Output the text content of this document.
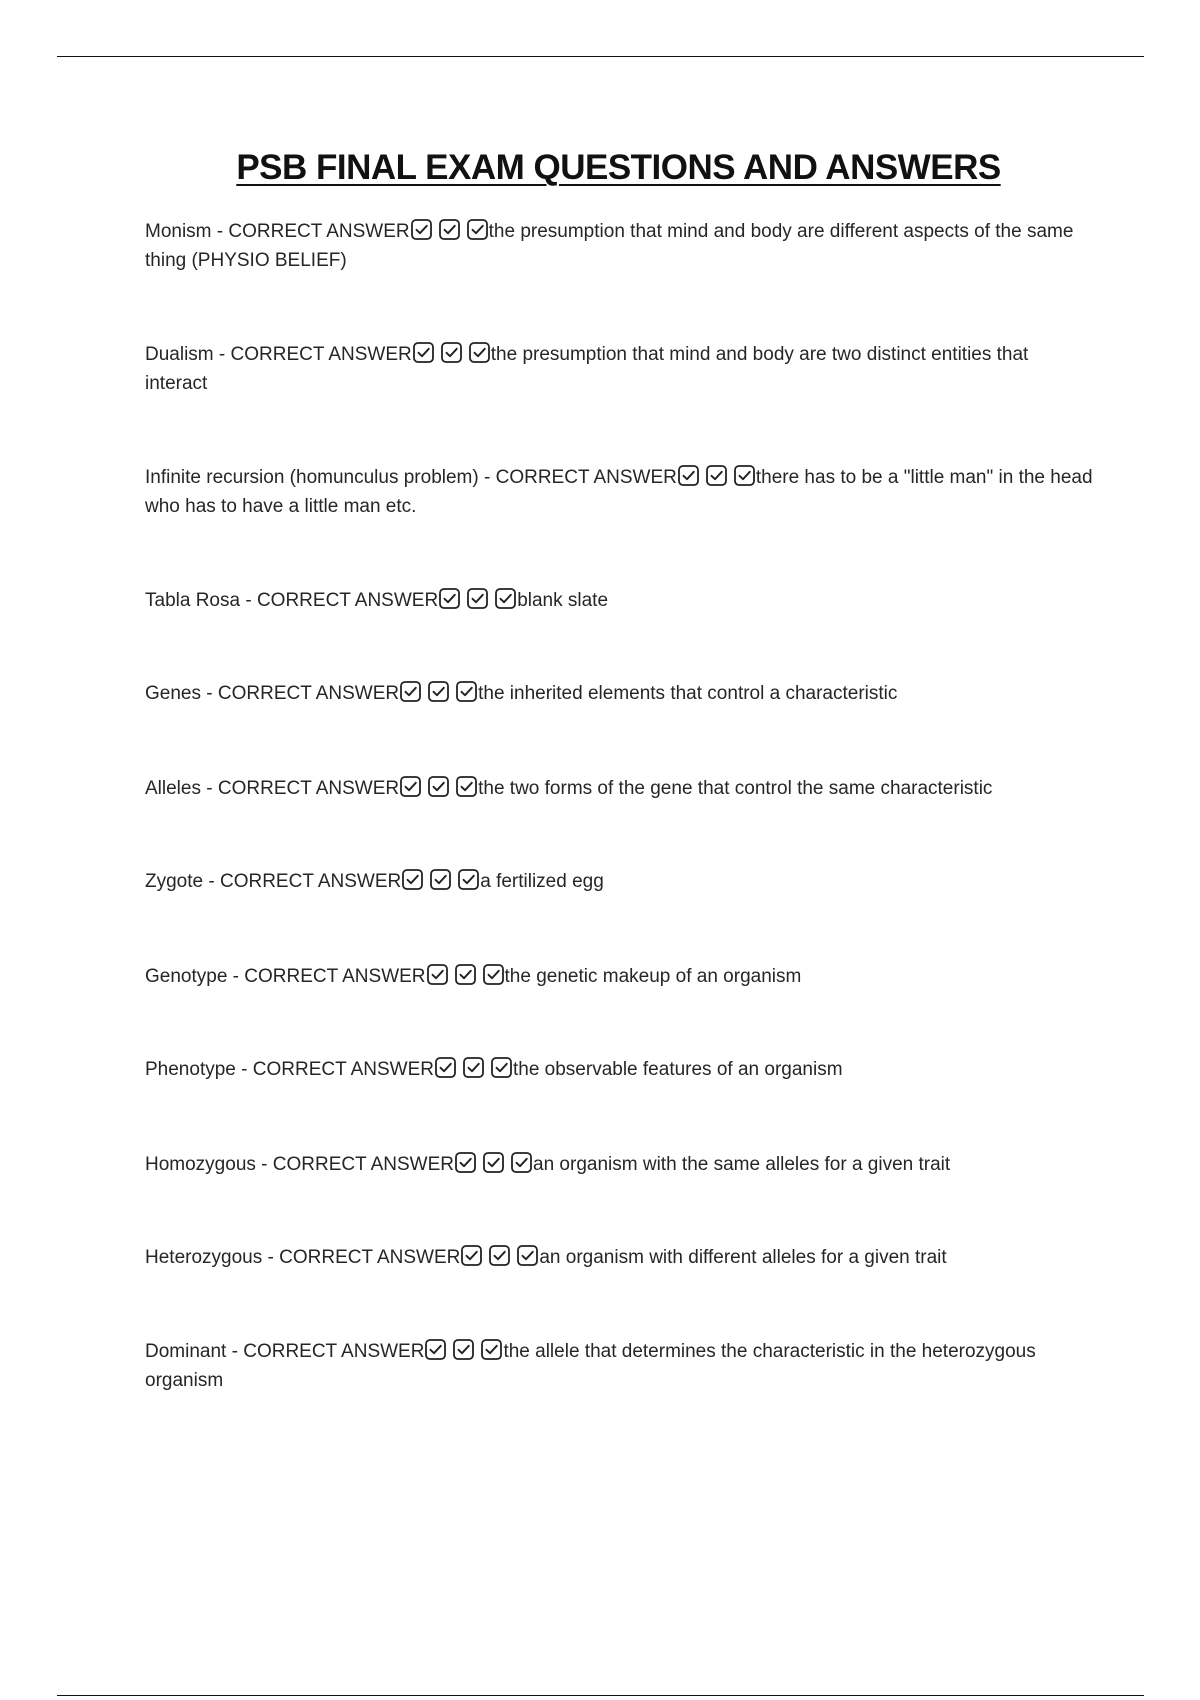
PSB FINAL EXAM QUESTIONS AND ANSWERS
Monism - CORRECT ANSWER	the presumption that mind and body are different aspects of the same thing (PHYSIO BELIEF)
Dualism - CORRECT ANSWER	the presumption that mind and body are two distinct entities that interact
Infinite recursion (homunculus problem) - CORRECT ANSWER	there has to be a "little man" in the head who has to have a little man etc.
Tabla Rosa - CORRECT ANSWER	blank slate
Genes - CORRECT ANSWER	the inherited elements that control a characteristic
Alleles - CORRECT ANSWER	the two forms of the gene that control the same characteristic
Zygote - CORRECT ANSWER	a fertilized egg
Genotype - CORRECT ANSWER	the genetic makeup of an organism
Phenotype - CORRECT ANSWER	the observable features of an organism
Homozygous - CORRECT ANSWER	an organism with the same alleles for a given trait
Heterozygous - CORRECT ANSWER	an organism with different alleles for a given trait
Dominant - CORRECT ANSWER	the allele that determines the characteristic in the heterozygous organism
